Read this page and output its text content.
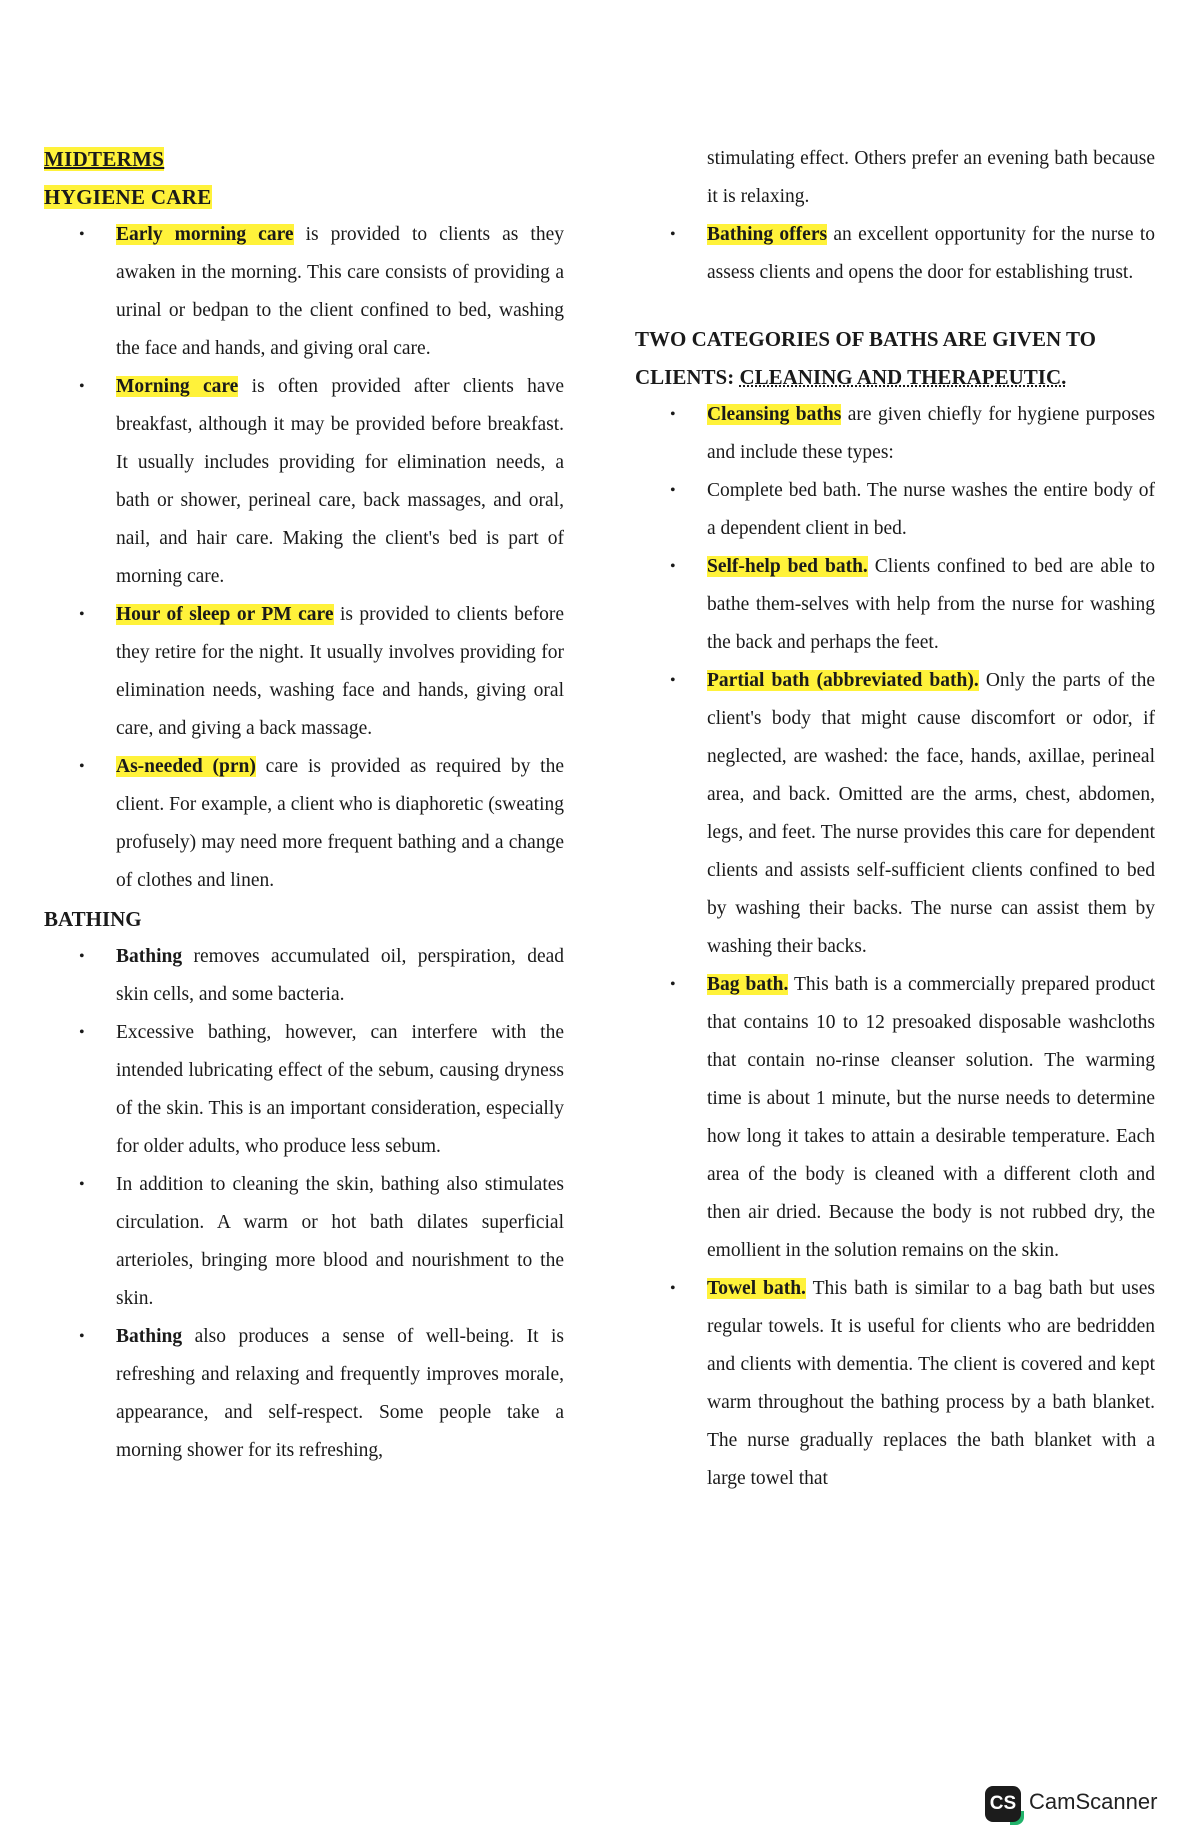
MIDTERMS
HYGIENE CARE
• Early morning care is provided to clients as they awaken in the morning. This care consists of providing a urinal or bedpan to the client confined to bed, washing the face and hands, and giving oral care.
• Morning care is often provided after clients have breakfast, although it may be provided before breakfast. It usually includes providing for elimination needs, a bath or shower, perineal care, back massages, and oral, nail, and hair care. Making the client's bed is part of morning care.
• Hour of sleep or PM care is provided to clients before they retire for the night. It usually involves providing for elimination needs, washing face and hands, giving oral care, and giving a back massage.
• As-needed (prn) care is provided as required by the client. For example, a client who is diaphoretic (sweating profusely) may need more frequent bathing and a change of clothes and linen.
BATHING
• Bathing removes accumulated oil, perspiration, dead skin cells, and some bacteria.
• Excessive bathing, however, can interfere with the intended lubricating effect of the sebum, causing dryness of the skin. This is an important consideration, especially for older adults, who produce less sebum.
• In addition to cleaning the skin, bathing also stimulates circulation. A warm or hot bath dilates superficial arterioles, bringing more blood and nourishment to the skin.
• Bathing also produces a sense of well-being. It is refreshing and relaxing and frequently improves morale, appearance, and self-respect. Some people take a morning shower for its refreshing,
stimulating effect. Others prefer an evening bath because it is relaxing.
• Bathing offers an excellent opportunity for the nurse to assess clients and opens the door for establishing trust.
TWO CATEGORIES OF BATHS ARE GIVEN TO CLIENTS: CLEANING AND THERAPEUTIC.
• Cleansing baths are given chiefly for hygiene purposes and include these types:
• Complete bed bath. The nurse washes the entire body of a dependent client in bed.
• Self-help bed bath. Clients confined to bed are able to bathe them-selves with help from the nurse for washing the back and perhaps the feet.
• Partial bath (abbreviated bath). Only the parts of the client's body that might cause discomfort or odor, if neglected, are washed: the face, hands, axillae, perineal area, and back. Omitted are the arms, chest, abdomen, legs, and feet. The nurse provides this care for dependent clients and assists self-sufficient clients confined to bed by washing their backs. The nurse can assist them by washing their backs.
• Bag bath. This bath is a commercially prepared product that contains 10 to 12 presoaked disposable washcloths that contain no-rinse cleanser solution. The warming time is about 1 minute, but the nurse needs to determine how long it takes to attain a desirable temperature. Each area of the body is cleaned with a different cloth and then air dried. Because the body is not rubbed dry, the emollient in the solution remains on the skin.
• Towel bath. This bath is similar to a bag bath but uses regular towels. It is useful for clients who are bedridden and clients with dementia. The client is covered and kept warm throughout the bathing process by a bath blanket. The nurse gradually replaces the bath blanket with a large towel that
CS CamScanner
